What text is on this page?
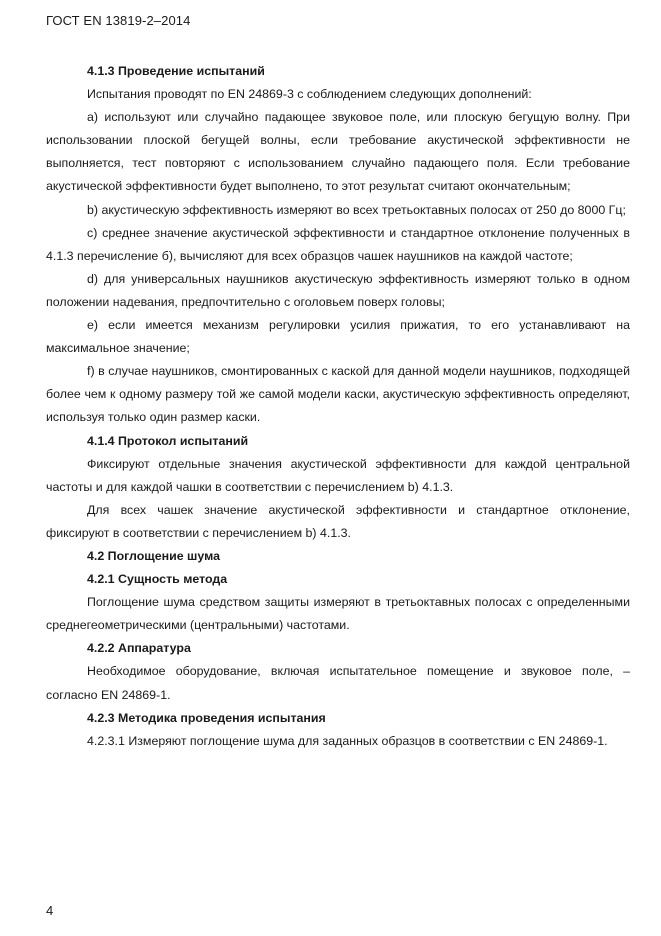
ГОСТ EN 13819-2–2014

4.1.3 Проведение испытаний

Испытания проводят по EN 24869-3 с соблюдением следующих дополнений:

a) используют или случайно падающее звуковое поле, или плоскую бегущую волну. При использовании плоской бегущей волны, если требование акустической эффективности не выполняется, тест повторяют с использованием случайно падающего поля. Если требование акустической эффективности будет выполнено, то этот результат считают окончательным;

b) акустическую эффективность измеряют во всех третьоктавных полосах от 250 до 8000 Гц;

c) среднее значение акустической эффективности и стандартное отклонение полученных в 4.1.3 перечисление б), вычисляют для всех образцов чашек наушников на каждой частоте;

d) для универсальных наушников акустическую эффективность измеряют только в одном положении надевания, предпочтительно с оголовьем поверх головы;

e) если имеется механизм регулировки усилия прижатия, то его устанавливают на максимальное значение;

f) в случае наушников, смонтированных с каской для данной модели наушников, подходящей более чем к одному размеру той же самой модели каски, акустическую эффективность определяют, используя только один размер каски.

4.1.4 Протокол испытаний

Фиксируют отдельные значения акустической эффективности для каждой центральной частоты и для каждой чашки в соответствии с перечислением b) 4.1.3.

Для всех чашек значение акустической эффективности и стандартное отклонение, фиксируют в соответствии с перечислением b) 4.1.3.

4.2 Поглощение шума

4.2.1 Сущность метода

Поглощение шума средством защиты измеряют в третьоктавных полосах с определенными среднегеометрическими (центральными) частотами.

4.2.2 Аппаратура

Необходимое оборудование, включая испытательное помещение и звуковое поле, – согласно EN 24869-1.

4.2.3 Методика проведения испытания

4.2.3.1 Измеряют поглощение шума для заданных образцов в соответствии с EN 24869-1.

4
